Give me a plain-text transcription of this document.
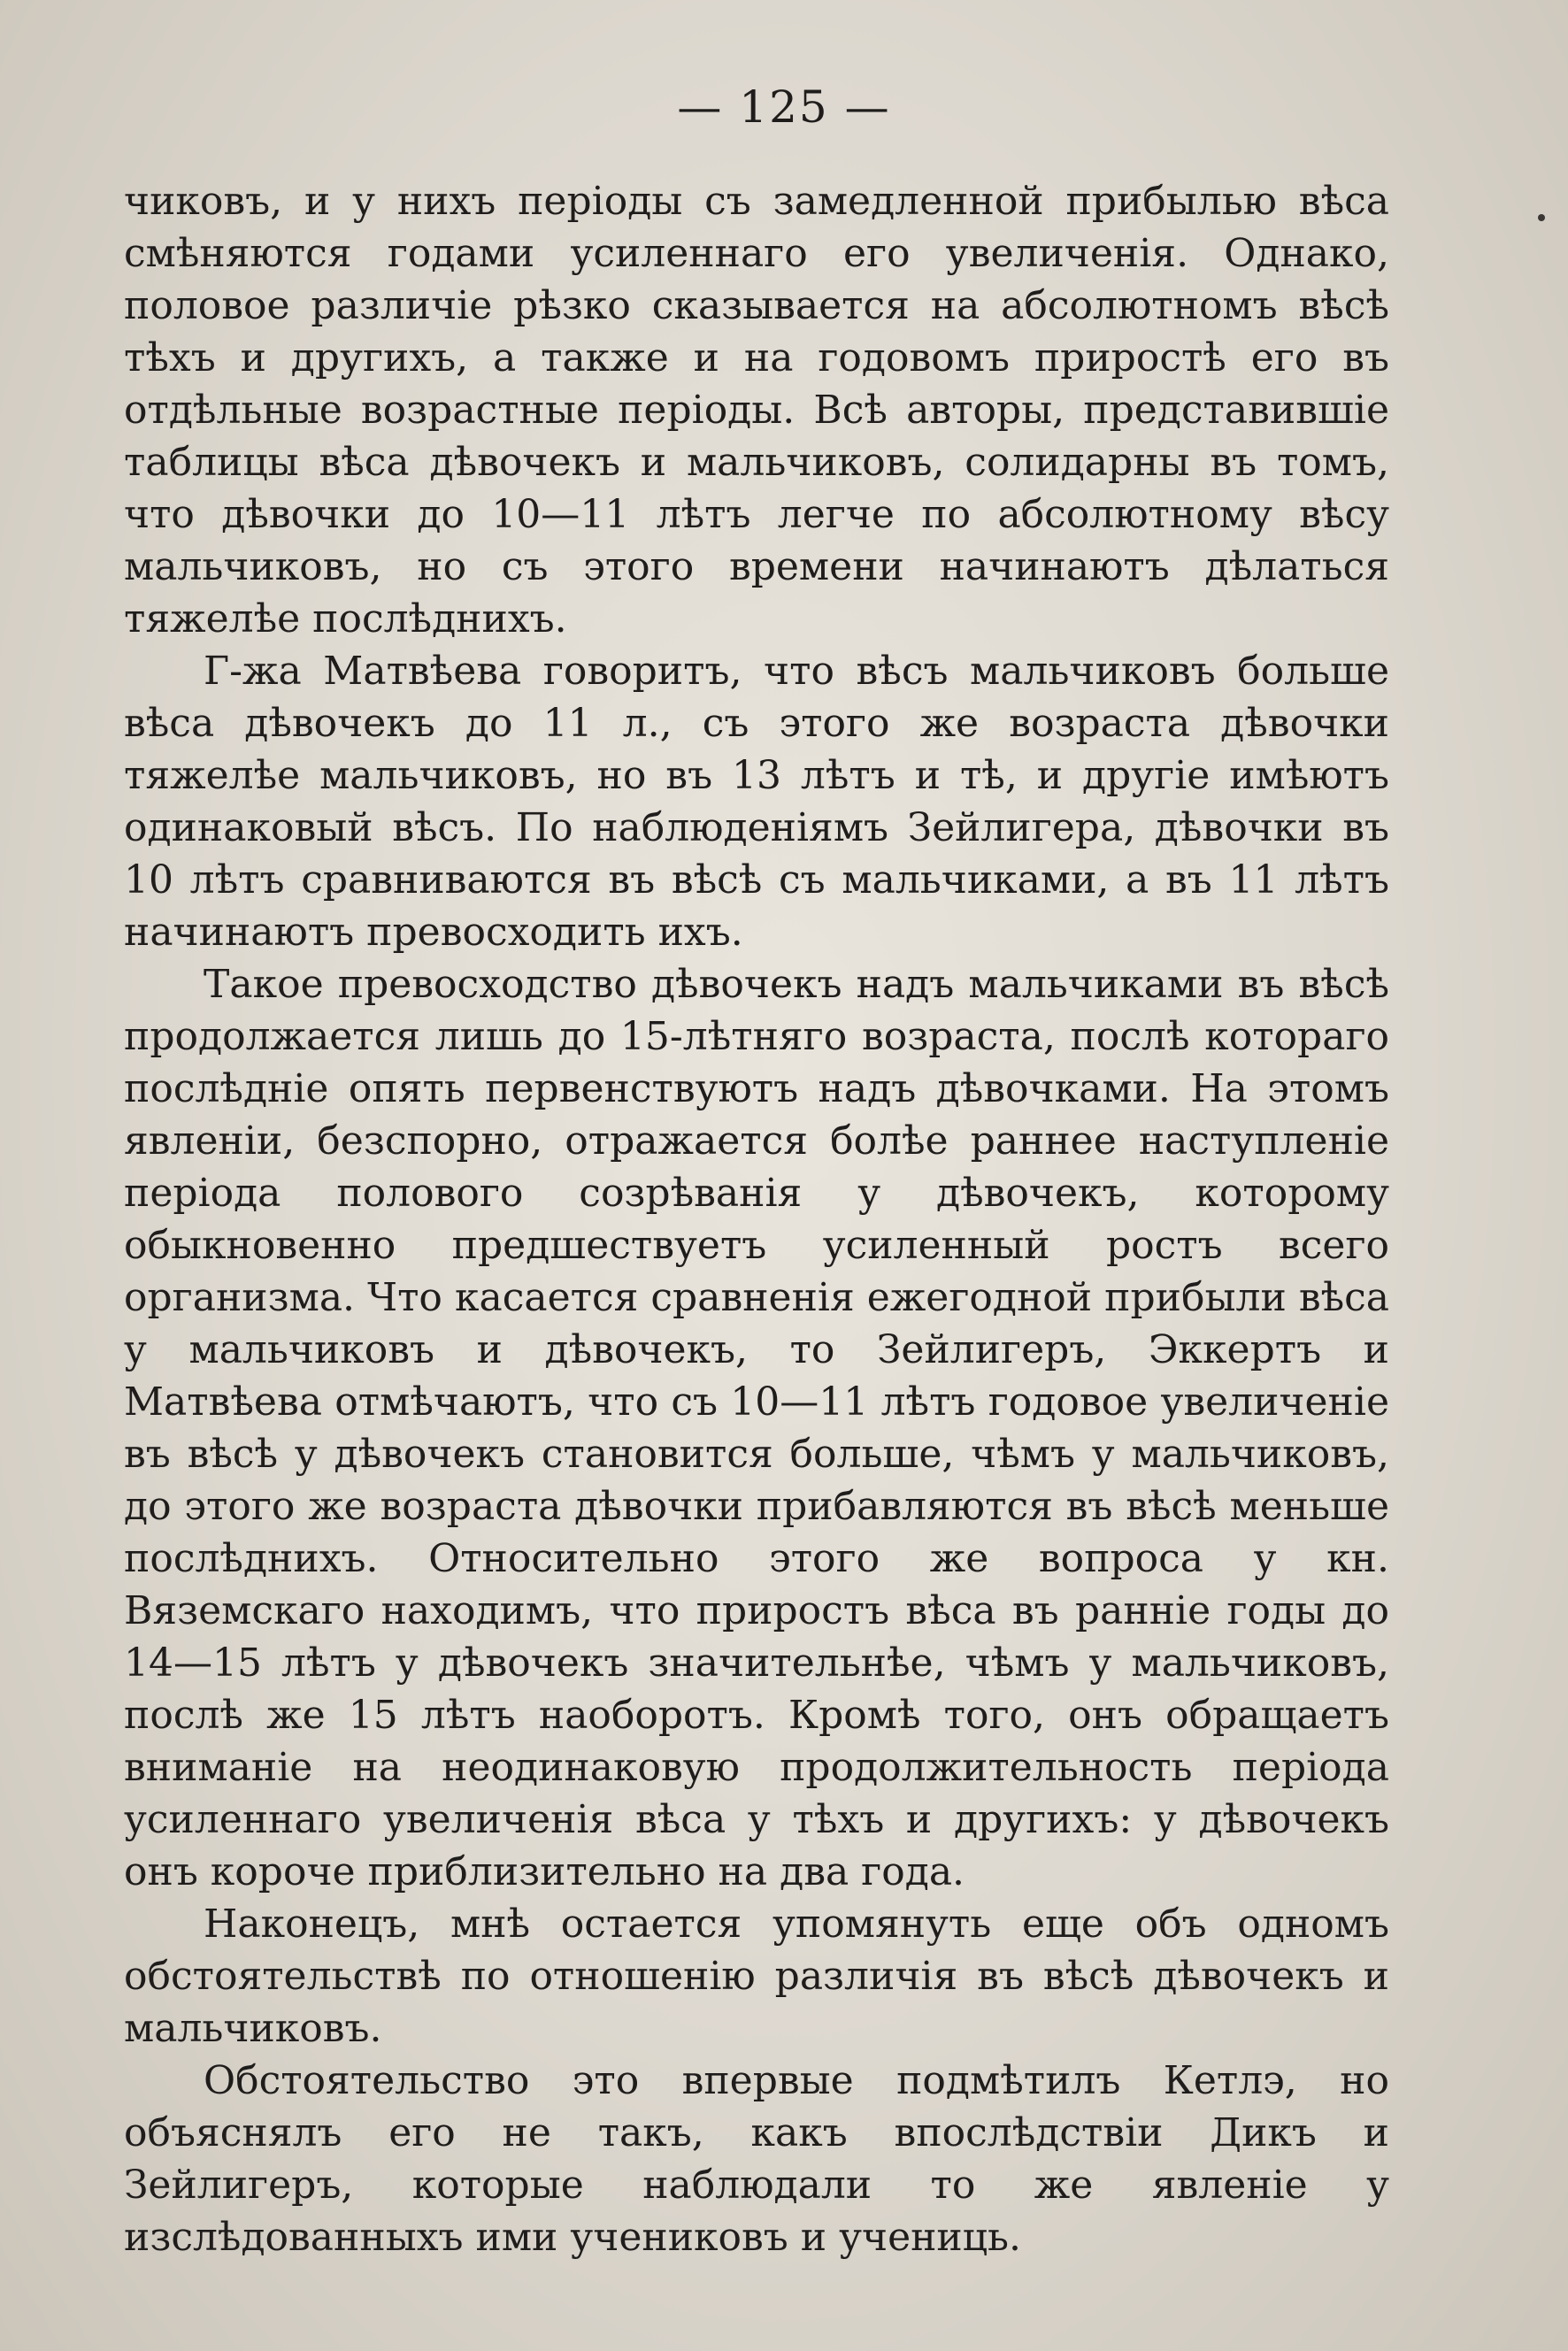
— 125 —

чиковъ, и у нихъ періоды съ замедленной прибылью вѣса смѣняются годами усиленнаго его увеличенія. Однако, половое различіе рѣзко сказывается на абсолютномъ вѣсѣ тѣхъ и другихъ, а также и на годовомъ приростѣ его въ отдѣльные возрастные періоды. Всѣ авторы, представившіе таблицы вѣса дѣвочекъ и мальчиковъ, солидарны въ томъ, что дѣвочки до 10—11 лѣтъ легче по абсолютному вѣсу мальчиковъ, но съ этого времени начинаютъ дѣлаться тяжелѣе послѣднихъ.

Г-жа Матвѣева говоритъ, что вѣсъ мальчиковъ больше вѣса дѣвочекъ до 11 л., съ этого же возраста дѣвочки тяжелѣе мальчиковъ, но въ 13 лѣтъ и тѣ, и другіе имѣютъ одинаковый вѣсъ. По наблюденіямъ Зейлигера, дѣвочки въ 10 лѣтъ сравниваются въ вѣсѣ съ мальчиками, а въ 11 лѣтъ начинаютъ превосходить ихъ.

Такое превосходство дѣвочекъ надъ мальчиками въ вѣсѣ продолжается лишь до 15-лѣтняго возраста, послѣ котораго послѣдніе опять первенствуютъ надъ дѣвочками. На этомъ явленіи, безспорно, отражается болѣе раннее наступленіе періода полового созрѣванія у дѣвочекъ, которому обыкновенно предшествуетъ усиленный ростъ всего организма. Что касается сравненія ежегодной прибыли вѣса у мальчиковъ и дѣвочекъ, то Зейлигеръ, Эккертъ и Матвѣева отмѣчаютъ, что съ 10—11 лѣтъ годовое увеличеніе въ вѣсѣ у дѣвочекъ становится больше, чѣмъ у мальчиковъ, до этого же возраста дѣвочки прибавляются въ вѣсѣ меньше послѣднихъ. Относительно этого же вопроса у кн. Вяземскаго находимъ, что приростъ вѣса въ ранніе годы до 14—15 лѣтъ у дѣвочекъ значительнѣе, чѣмъ у мальчиковъ, послѣ же 15 лѣтъ наоборотъ. Кромѣ того, онъ обращаетъ вниманіе на неодинаковую продолжительность періода усиленнаго увеличенія вѣса у тѣхъ и другихъ: у дѣвочекъ онъ короче приблизительно на два года.

Наконецъ, мнѣ остается упомянуть еще объ одномъ обстоятельствѣ по отношенію различія въ вѣсѣ дѣвочекъ и мальчиковъ.

Обстоятельство это впервые подмѣтилъ Кетлэ, но объяснялъ его не такъ, какъ впослѣдствіи Дикъ и Зейлигеръ, которые наблюдали то же явленіе у изслѣдованныхъ ими учениковъ и учениць.
